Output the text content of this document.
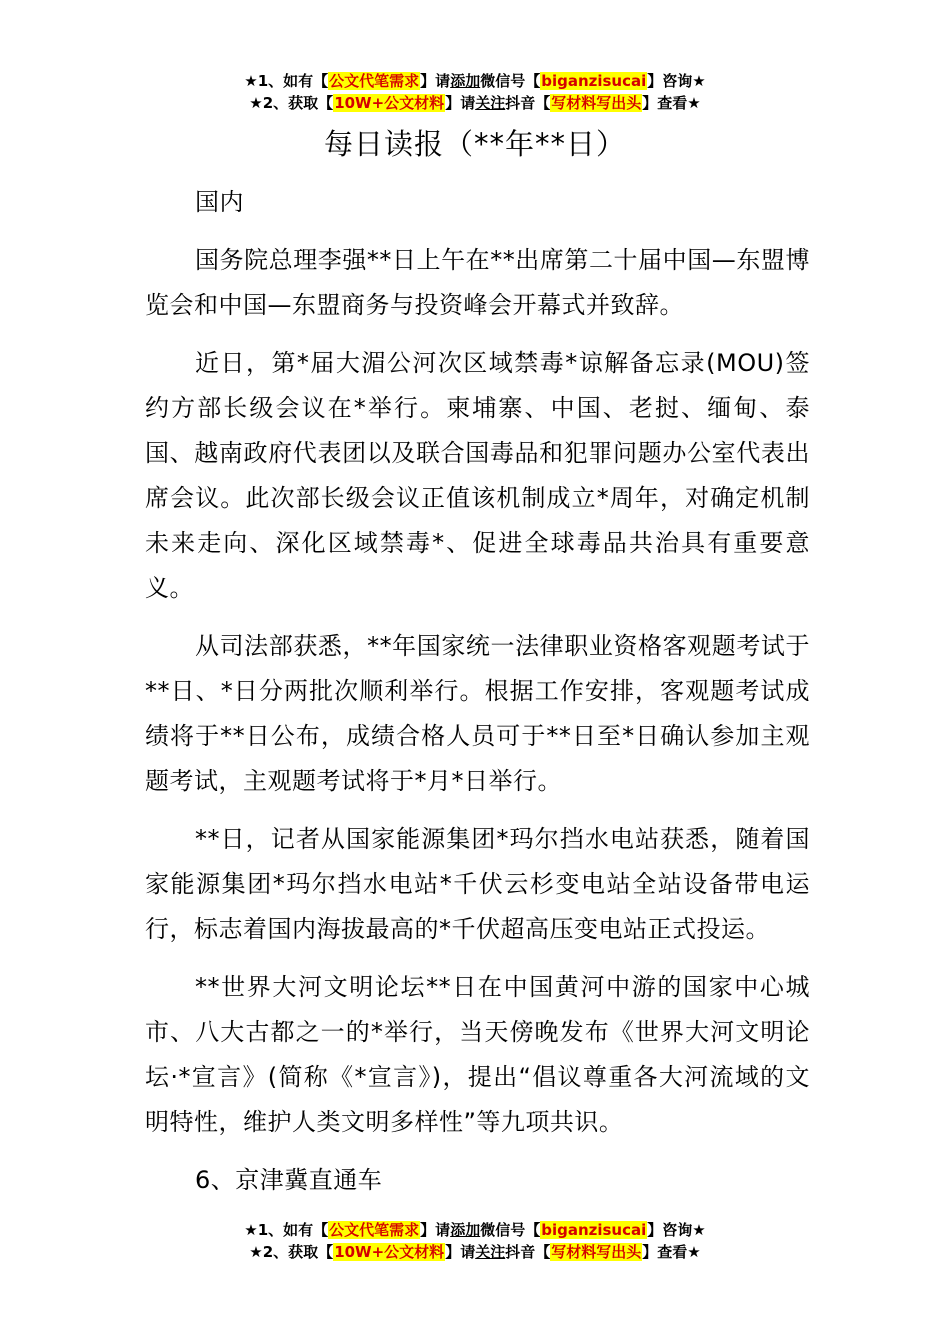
★1、如有【公文代笔需求】请添加微信号【biganzisucai】咨询★
★2、获取【10W+公文材料】请关注抖音【写材料写出头】查看★
每日读报（**年**日）

国内

国务院总理李强**日上午在**出席第二十届中国—东盟博览会和中国—东盟商务与投资峰会开幕式并致辞。

近日，第*届大湄公河次区域禁毒*谅解备忘录(MOU)签约方部长级会议在*举行。柬埔寨、中国、老挝、缅甸、泰国、越南政府代表团以及联合国毒品和犯罪问题办公室代表出席会议。此次部长级会议正值该机制成立*周年，对确定机制未来走向、深化区域禁毒*、促进全球毒品共治具有重要意义。

从司法部获悉，**年国家统一法律职业资格客观题考试于**日、*日分两批次顺利举行。根据工作安排，客观题考试成绩将于**日公布，成绩合格人员可于**日至*日确认参加主观题考试，主观题考试将于*月*日举行。

**日，记者从国家能源集团*玛尔挡水电站获悉，随着国家能源集团*玛尔挡水电站*千伏云杉变电站全站设备带电运行，标志着国内海拔最高的*千伏超高压变电站正式投运。

**世界大河文明论坛**日在中国黄河中游的国家中心城市、八大古都之一的*举行，当天傍晚发布《世界大河文明论坛·*宣言》(简称《*宣言》)，提出“倡议尊重各大河流域的文明特性，维护人类文明多样性”等九项共识。

6、京津冀直通车

★1、如有【公文代笔需求】请添加微信号【biganzisucai】咨询★
★2、获取【10W+公文材料】请关注抖音【写材料写出头】查看★
